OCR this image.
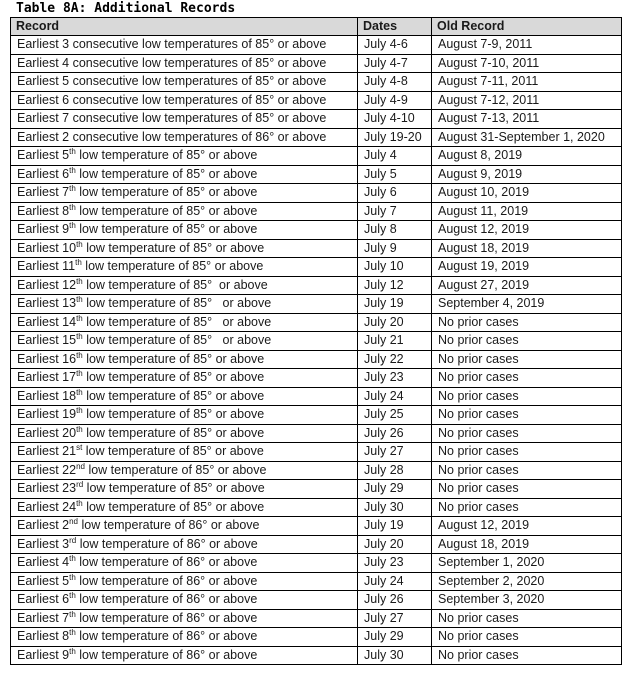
Table 8A: Additional Records
Record	Dates	Old Record
Earliest 3 consecutive low temperatures of 85° or above	July 4-6	August 7-9, 2011
Earliest 4 consecutive low temperatures of 85° or above	July 4-7	August 7-10, 2011
Earliest 5 consecutive low temperatures of 85° or above	July 4-8	August 7-11, 2011
Earliest 6 consecutive low temperatures of 85° or above	July 4-9	August 7-12, 2011
Earliest 7 consecutive low temperatures of 85° or above	July 4-10	August 7-13, 2011
Earliest 2 consecutive low temperatures of 86° or above	July 19-20	August 31-September 1, 2020
Earliest 5th low temperature of 85° or above	July 4	August 8, 2019
Earliest 6th low temperature of 85° or above	July 5	August 9, 2019
Earliest 7th low temperature of 85° or above	July 6	August 10, 2019
Earliest 8th low temperature of 85° or above	July 7	August 11, 2019
Earliest 9th low temperature of 85° or above	July 8	August 12, 2019
Earliest 10th low temperature of 85° or above	July 9	August 18, 2019
Earliest 11th low temperature of 85° or above	July 10	August 19, 2019
Earliest 12th low temperature of 85°  or above	July 12	August 27, 2019
Earliest 13th low temperature of 85°   or above	July 19	September 4, 2019
Earliest 14th low temperature of 85°   or above	July 20	No prior cases
Earliest 15th low temperature of 85°   or above	July 21	No prior cases
Earliest 16th low temperature of 85° or above	July 22	No prior cases
Earliest 17th low temperature of 85° or above	July 23	No prior cases
Earliest 18th low temperature of 85° or above	July 24	No prior cases
Earliest 19th low temperature of 85° or above	July 25	No prior cases
Earliest 20th low temperature of 85° or above	July 26	No prior cases
Earliest 21st low temperature of 85° or above	July 27	No prior cases
Earliest 22nd low temperature of 85° or above	July 28	No prior cases
Earliest 23rd low temperature of 85° or above	July 29	No prior cases
Earliest 24th low temperature of 85° or above	July 30	No prior cases
Earliest 2nd low temperature of 86° or above	July 19	August 12, 2019
Earliest 3rd low temperature of 86° or above	July 20	August 18, 2019
Earliest 4th low temperature of 86° or above	July 23	September 1, 2020
Earliest 5th low temperature of 86° or above	July 24	September 2, 2020
Earliest 6th low temperature of 86° or above	July 26	September 3, 2020
Earliest 7th low temperature of 86° or above	July 27	No prior cases
Earliest 8th low temperature of 86° or above	July 29	No prior cases
Earliest 9th low temperature of 86° or above	July 30	No prior cases
